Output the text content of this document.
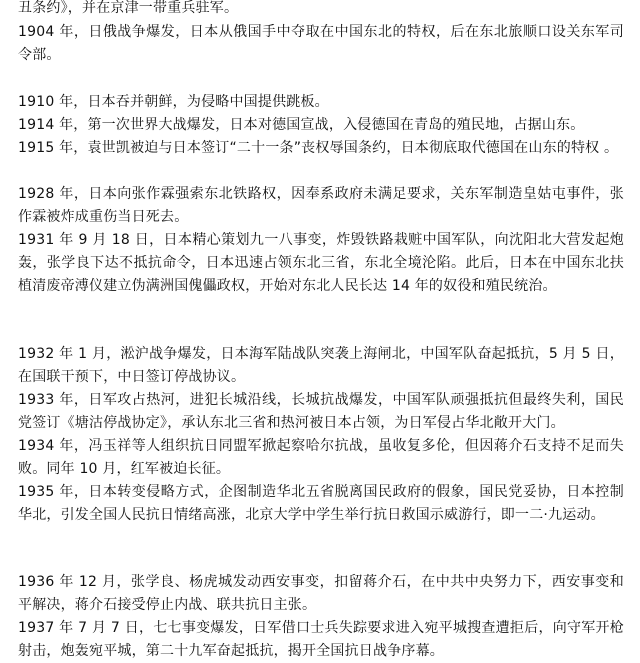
丑条约》，并在京津一带重兵驻军。

1904 年，日俄战争爆发，日本从俄国手中夺取在中国东北的特权，后在东北旅顺口设关东军司令部。

1910 年，日本吞并朝鲜，为侵略中国提供跳板。

1914 年，第一次世界大战爆发，日本对德国宣战，入侵德国在青岛的殖民地，占据山东。

1915 年，袁世凯被迫与日本签订“二十一条”丧权辱国条约，日本彻底取代德国在山东的特权 。

1928 年，日本向张作霖强索东北铁路权，因奉系政府未满足要求，关东军制造皇姑屯事件，张作霖被炸成重伤当日死去。

1931 年 9 月 18 日，日本精心策划九一八事变，炸毁铁路栽赃中国军队，向沈阳北大营发起炮轰，张学良下达不抵抗命令，日本迅速占领东北三省，东北全境沦陷。此后，日本在中国东北扶植清废帝溥仪建立伪满洲国傀儡政权，开始对东北人民长达 14 年的奴役和殖民统治。

1932 年 1 月，淞沪战争爆发，日本海军陆战队突袭上海闸北，中国军队奋起抵抗，5 月 5 日，在国联干预下，中日签订停战协议。

1933 年，日军攻占热河，进犯长城沿线，长城抗战爆发，中国军队顽强抵抗但最终失利，国民党签订《塘沽停战协定》，承认东北三省和热河被日本占领，为日军侵占华北敞开大门。

1934 年，冯玉祥等人组织抗日同盟军掀起察哈尔抗战，虽收复多伦，但因蒋介石支持不足而失败。同年 10 月，红军被迫长征。

1935 年，日本转变侵略方式，企图制造华北五省脱离国民政府的假象，国民党妥协，日本控制华北，引发全国人民抗日情绪高涨，北京大学中学生举行抗日救国示威游行，即一二·九运动。

1936 年 12 月，张学良、杨虎城发动西安事变，扣留蒋介石，在中共中央努力下，西安事变和平解决，蒋介石接受停止内战、联共抗日主张。

1937 年 7 月 7 日，七七事变爆发，日军借口士兵失踪要求进入宛平城搜查遭拒后，向守军开枪射击，炮轰宛平城，第二十九军奋起抵抗，揭开全国抗日战争序幕。
